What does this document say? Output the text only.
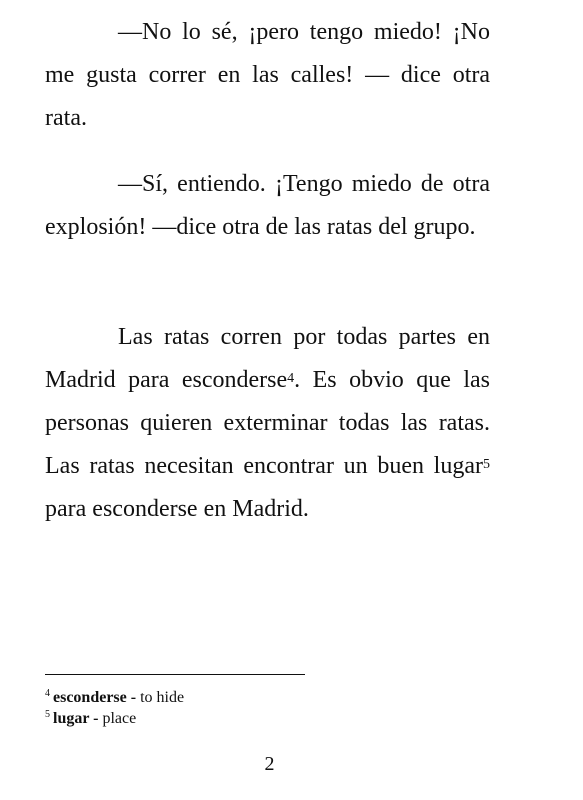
—No lo sé, ¡pero tengo miedo! ¡No me gusta correr en las calles! — dice otra rata.

—Sí, entiendo. ¡Tengo miedo de otra explosión! —dice otra de las ratas del grupo.

Las ratas corren por todas partes en Madrid para esconderse$^4$. Es obvio que las personas quieren exterminar todas las ratas. Las ratas necesitan encontrar un buen lugar$^5$ para esconderse en Madrid.

$^4$ esconderse - to hide

$^5$ lugar - place

2
